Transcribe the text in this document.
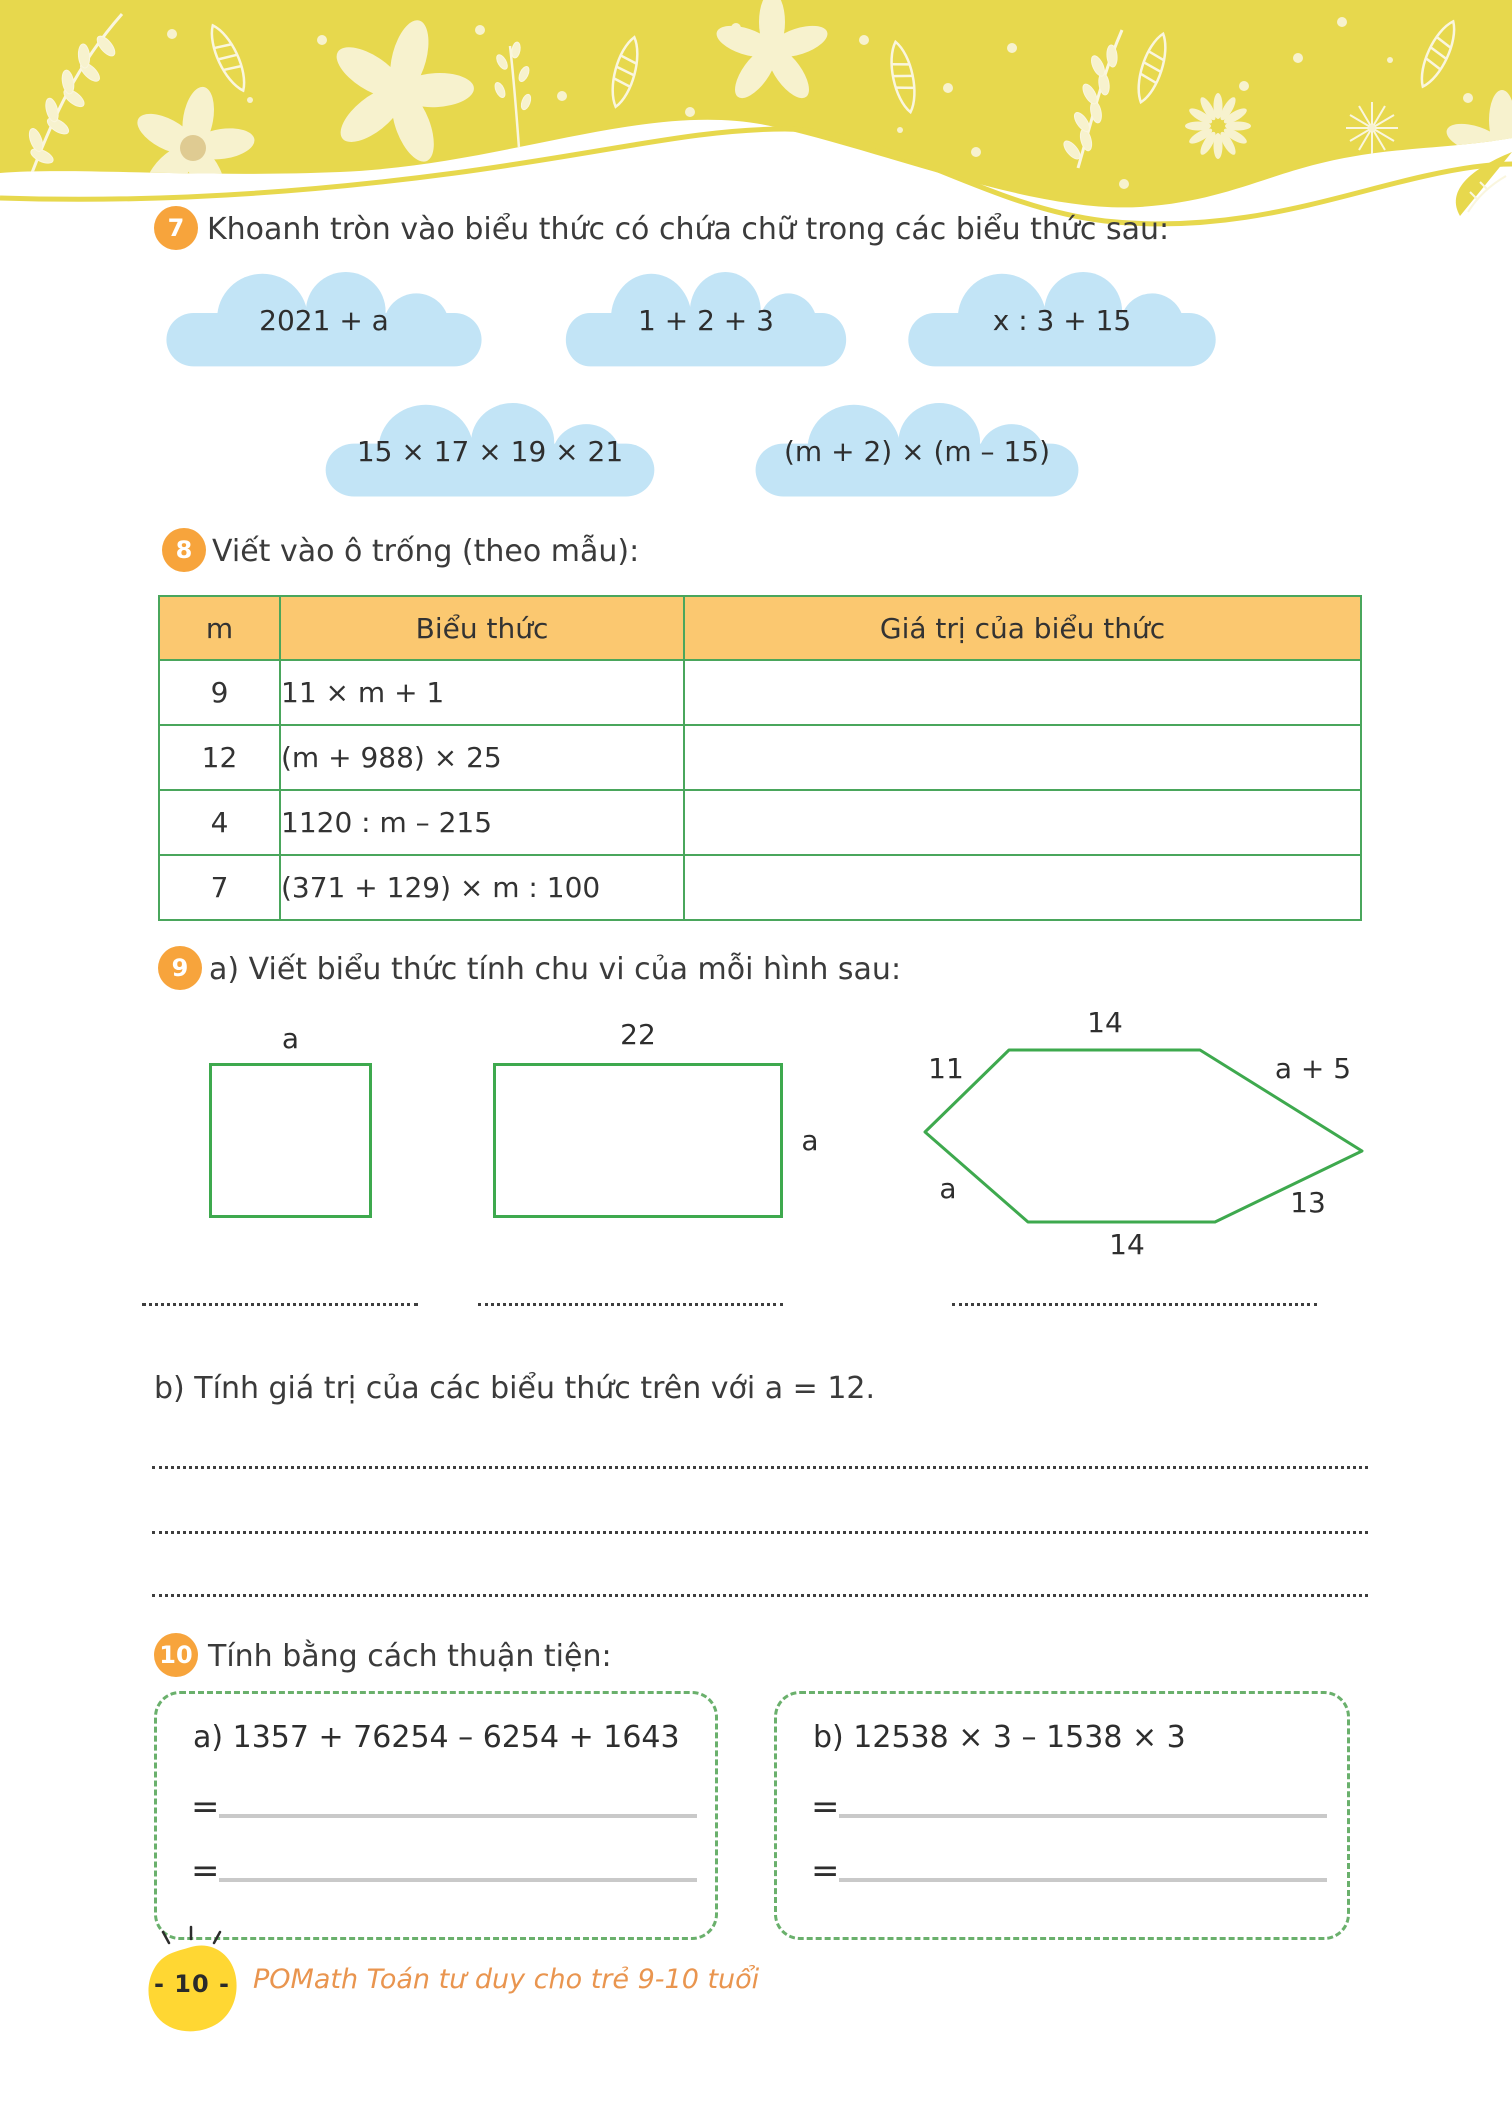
7 Khoanh tròn vào biểu thức có chứa chữ trong các biểu thức sau:
2021 + a	1 + 2 + 3	x : 3 + 15
15 × 17 × 19 × 21	(m + 2) × (m – 15)
8 Viết vào ô trống (theo mẫu):
m	Biểu thức	Giá trị của biểu thức
9	11 × m + 1	
12	(m + 988) × 25	
4	1120 : m – 215	
7	(371 + 129) × m : 100	
9 a) Viết biểu thức tính chu vi của mỗi hình sau:
a	22
a
14
11	a + 5
a	13
14
b) Tính giá trị của các biểu thức trên với a = 12.
10 Tính bằng cách thuận tiện:
a) 1357 + 76254 – 6254 + 1643
=
=
b) 12538 × 3 – 1538 × 3
=
=
- 10 - POMath Toán tư duy cho trẻ 9-10 tuổi
